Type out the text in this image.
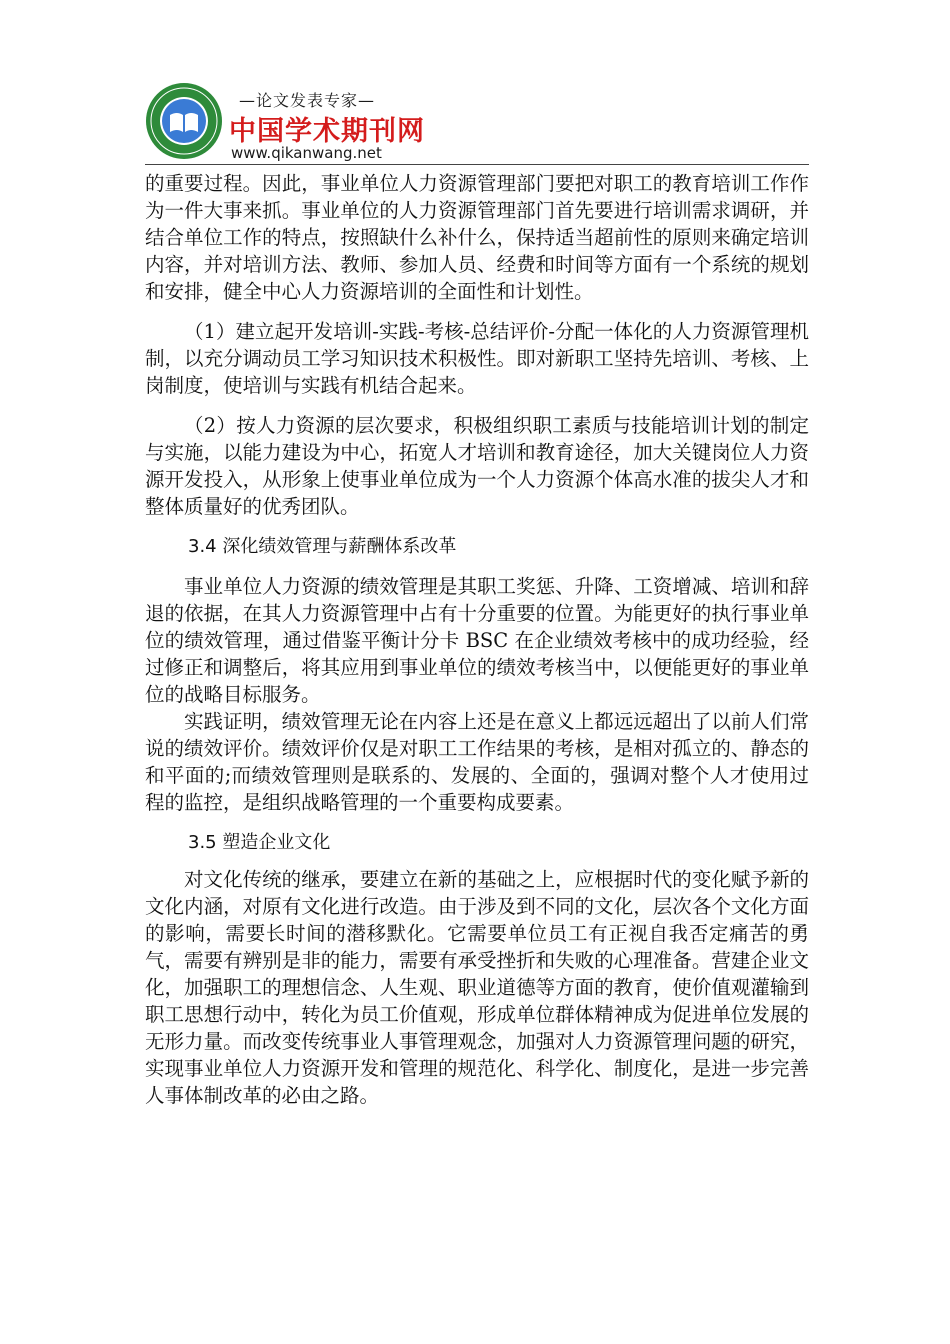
—论文发表专家—
中国学术期刊网
www.qikanwang.net

的重要过程。因此，事业单位人力资源管理部门要把对职工的教育培训工作作为一件大事来抓。事业单位的人力资源管理部门首先要进行培训需求调研，并结合单位工作的特点，按照缺什么补什么，保持适当超前性的原则来确定培训内容，并对培训方法、教师、参加人员、经费和时间等方面有一个系统的规划和安排，健全中心人力资源培训的全面性和计划性。

（1）建立起开发培训-实践-考核-总结评价-分配一体化的人力资源管理机制，以充分调动员工学习知识技术积极性。即对新职工坚持先培训、考核、上岗制度，使培训与实践有机结合起来。

（2）按人力资源的层次要求，积极组织职工素质与技能培训计划的制定与实施，以能力建设为中心，拓宽人才培训和教育途径，加大关键岗位人力资源开发投入，从形象上使事业单位成为一个人力资源个体高水准的拔尖人才和整体质量好的优秀团队。

3.4 深化绩效管理与薪酬体系改革

事业单位人力资源的绩效管理是其职工奖惩、升降、工资增减、培训和辞退的依据，在其人力资源管理中占有十分重要的位置。为能更好的执行事业单位的绩效管理，通过借鉴平衡计分卡 BSC 在企业绩效考核中的成功经验，经过修正和调整后，将其应用到事业单位的绩效考核当中，以便能更好的事业单位的战略目标服务。

实践证明，绩效管理无论在内容上还是在意义上都远远超出了以前人们常说的绩效评价。绩效评价仅是对职工工作结果的考核，是相对孤立的、静态的和平面的;而绩效管理则是联系的、发展的、全面的，强调对整个人才使用过程的监控，是组织战略管理的一个重要构成要素。

3.5 塑造企业文化

对文化传统的继承，要建立在新的基础之上，应根据时代的变化赋予新的文化内涵，对原有文化进行改造。由于涉及到不同的文化，层次各个文化方面的影响，需要长时间的潜移默化。它需要单位员工有正视自我否定痛苦的勇气，需要有辨别是非的能力，需要有承受挫折和失败的心理准备。营建企业文化，加强职工的理想信念、人生观、职业道德等方面的教育，使价值观灌输到职工思想行动中，转化为员工价值观，形成单位群体精神成为促进单位发展的无形力量。而改变传统事业人事管理观念，加强对人力资源管理问题的研究，实现事业单位人力资源开发和管理的规范化、科学化、制度化，是进一步完善人事体制改革的必由之路。
